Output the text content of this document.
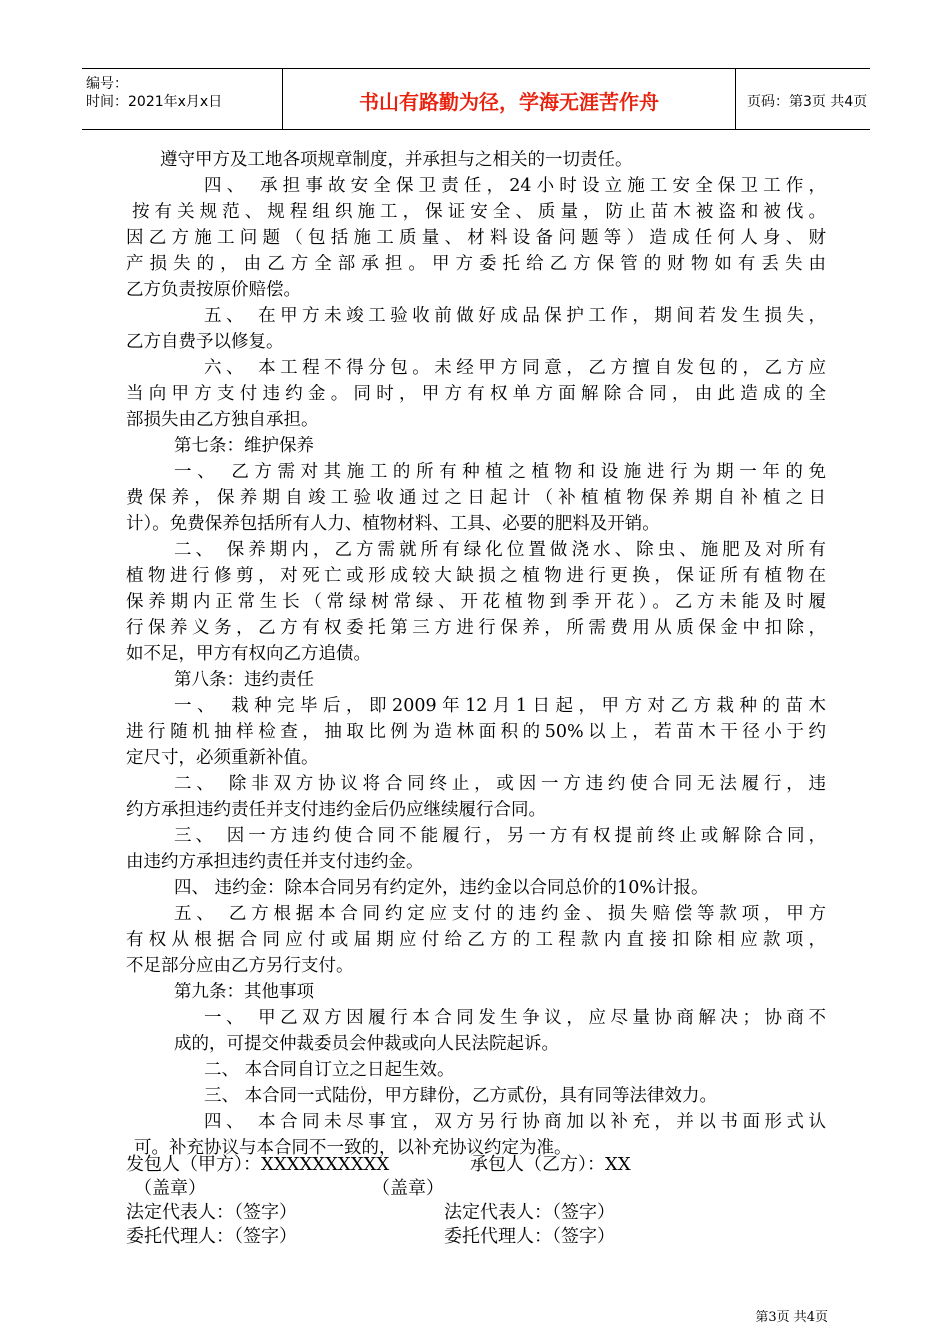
编号：
时间：2021年x月x日	书山有路勤为径，学海无涯苦作舟	页码：第3页 共4页
遵守甲方及工地各项规章制度，并承担与之相关的一切责任。
四、 承担事故安全保卫责任，24小时设立施工安全保卫工作，
按有关规范、规程组织施工，保证安全、质量，防止苗木被盗和被伐。
因乙方施工问题（包括施工质量、材料设备问题等）造成任何人身、财
产损失的，由乙方全部承担。甲方委托给乙方保管的财物如有丢失由
乙方负责按原价赔偿。
五、 在甲方未竣工验收前做好成品保护工作，期间若发生损失，
乙方自费予以修复。
六、 本工程不得分包。未经甲方同意，乙方擅自发包的，乙方应
当向甲方支付违约金。同时，甲方有权单方面解除合同，由此造成的全
部损失由乙方独自承担。
第七条：维护保养
一、 乙方需对其施工的所有种植之植物和设施进行为期一年的免
费保养，保养期自竣工验收通过之日起计（补植植物保养期自补植之日
计）。免费保养包括所有人力、植物材料、工具、必要的肥料及开销。
二、 保养期内，乙方需就所有绿化位置做浇水、除虫、施肥及对所有
植物进行修剪，对死亡或形成较大缺损之植物进行更换，保证所有植物在
保养期内正常生长（常绿树常绿、开花植物到季开花）。乙方未能及时履
行保养义务，乙方有权委托第三方进行保养，所需费用从质保金中扣除，
如不足，甲方有权向乙方追债。
第八条：违约责任
一、 栽种完毕后，即2009年12月1日起，甲方对乙方栽种的苗木
进行随机抽样检查，抽取比例为造林面积的50%以上，若苗木干径小于约
定尺寸，必须重新补值。
二、 除非双方协议将合同终止，或因一方违约使合同无法履行，违
约方承担违约责任并支付违约金后仍应继续履行合同。
三、 因一方违约使合同不能履行，另一方有权提前终止或解除合同，
由违约方承担违约责任并支付违约金。
四、 违约金：除本合同另有约定外，违约金以合同总价的10%计报。
五、 乙方根据本合同约定应支付的违约金、损失赔偿等款项，甲方
有权从根据合同应付或届期应付给乙方的工程款内直接扣除相应款项，
不足部分应由乙方另行支付。
第九条：其他事项
一、 甲乙双方因履行本合同发生争议，应尽量协商解决；协商不
成的，可提交仲裁委员会仲裁或向人民法院起诉。
二、 本合同自订立之日起生效。
三、 本合同一式陆份，甲方肆份，乙方贰份，具有同等法律效力。
四、 本合同未尽事宜，双方另行协商加以补充，并以书面形式认
可。补充协议与本合同不一致的，以补充协议约定为准。
发包人（甲方）：XXXXXXXXXX	承包人（乙方）：XX
（盖章）	（盖章）
法定代表人：（签字）	法定代表人：（签字）
委托代理人：（签字）	委托代理人：（签字）
第3页 共4页
